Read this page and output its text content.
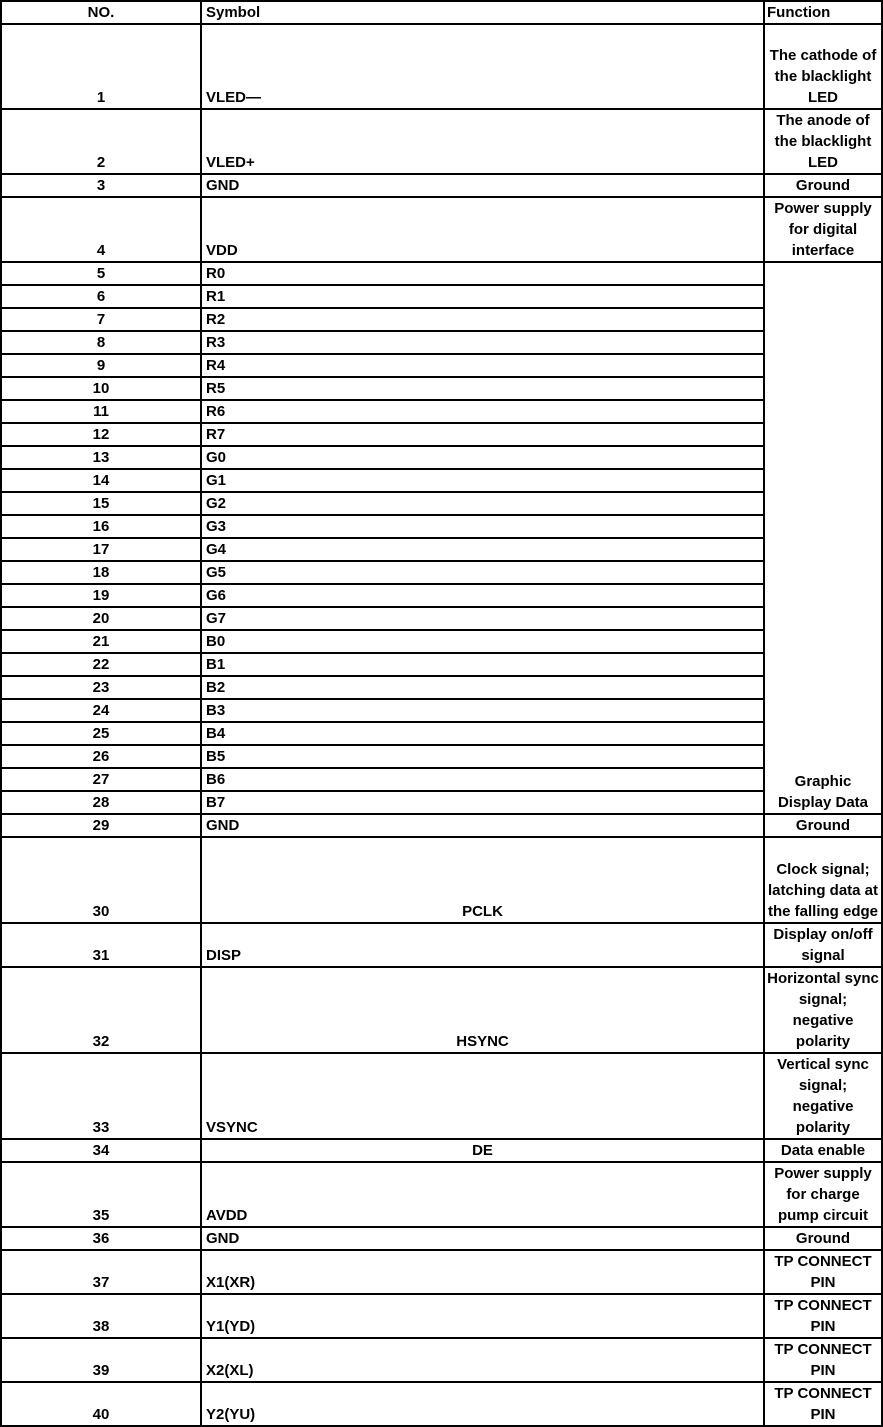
NO.	Symbol	Function
1	VLED—	The cathode of the blacklight LED
2	VLED+	The anode of the blacklight LED
3	GND	Ground
4	VDD	Power supply for digital interface
5	R0	Graphic Display Data
6	R1	
7	R2	
8	R3	
9	R4	
10	R5	
11	R6	
12	R7	
13	G0	
14	G1	
15	G2	
16	G3	
17	G4	
18	G5	
19	G6	
20	G7	
21	B0	
22	B1	
23	B2	
24	B3	
25	B4	
26	B5	
27	B6	
28	B7	
29	GND	Ground
30	PCLK	Clock signal; latching data at the falling edge
31	DISP	Display on/off signal
32	HSYNC	Horizontal sync signal; negative polarity
33	VSYNC	Vertical sync signal; negative polarity
34	DE	Data enable
35	AVDD	Power supply for charge pump circuit
36	GND	Ground
37	X1(XR)	TP CONNECT PIN
38	Y1(YD)	TP CONNECT PIN
39	X2(XL)	TP CONNECT PIN
40	Y2(YU)	TP CONNECT PIN
